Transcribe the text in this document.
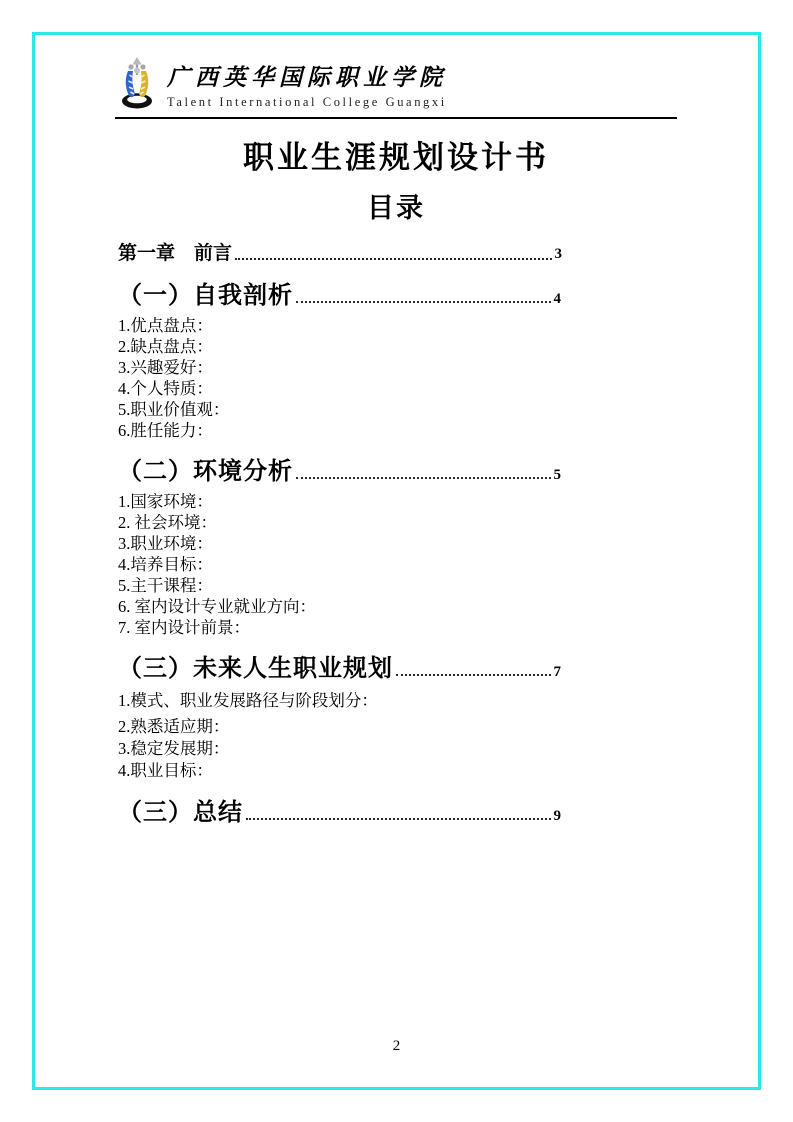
广西英华国际职业学院
Talent International College Guangxi
职业生涯规划设计书
目录
第一章　前言	3
（一）自我剖析	4
1.优点盘点：
2.缺点盘点：
3.兴趣爱好：
4.个人特质：
5.职业价值观：
6.胜任能力：
（二）环境分析	5
1.国家环境：
2. 社会环境：
3.职业环境：
4.培养目标：
5.主干课程：
6. 室内设计专业就业方向：
7. 室内设计前景：
（三）未来人生职业规划	7
1.模式、职业发展路径与阶段划分：
2.熟悉适应期：
3.稳定发展期：
4.职业目标：
（三）总结	9
2
